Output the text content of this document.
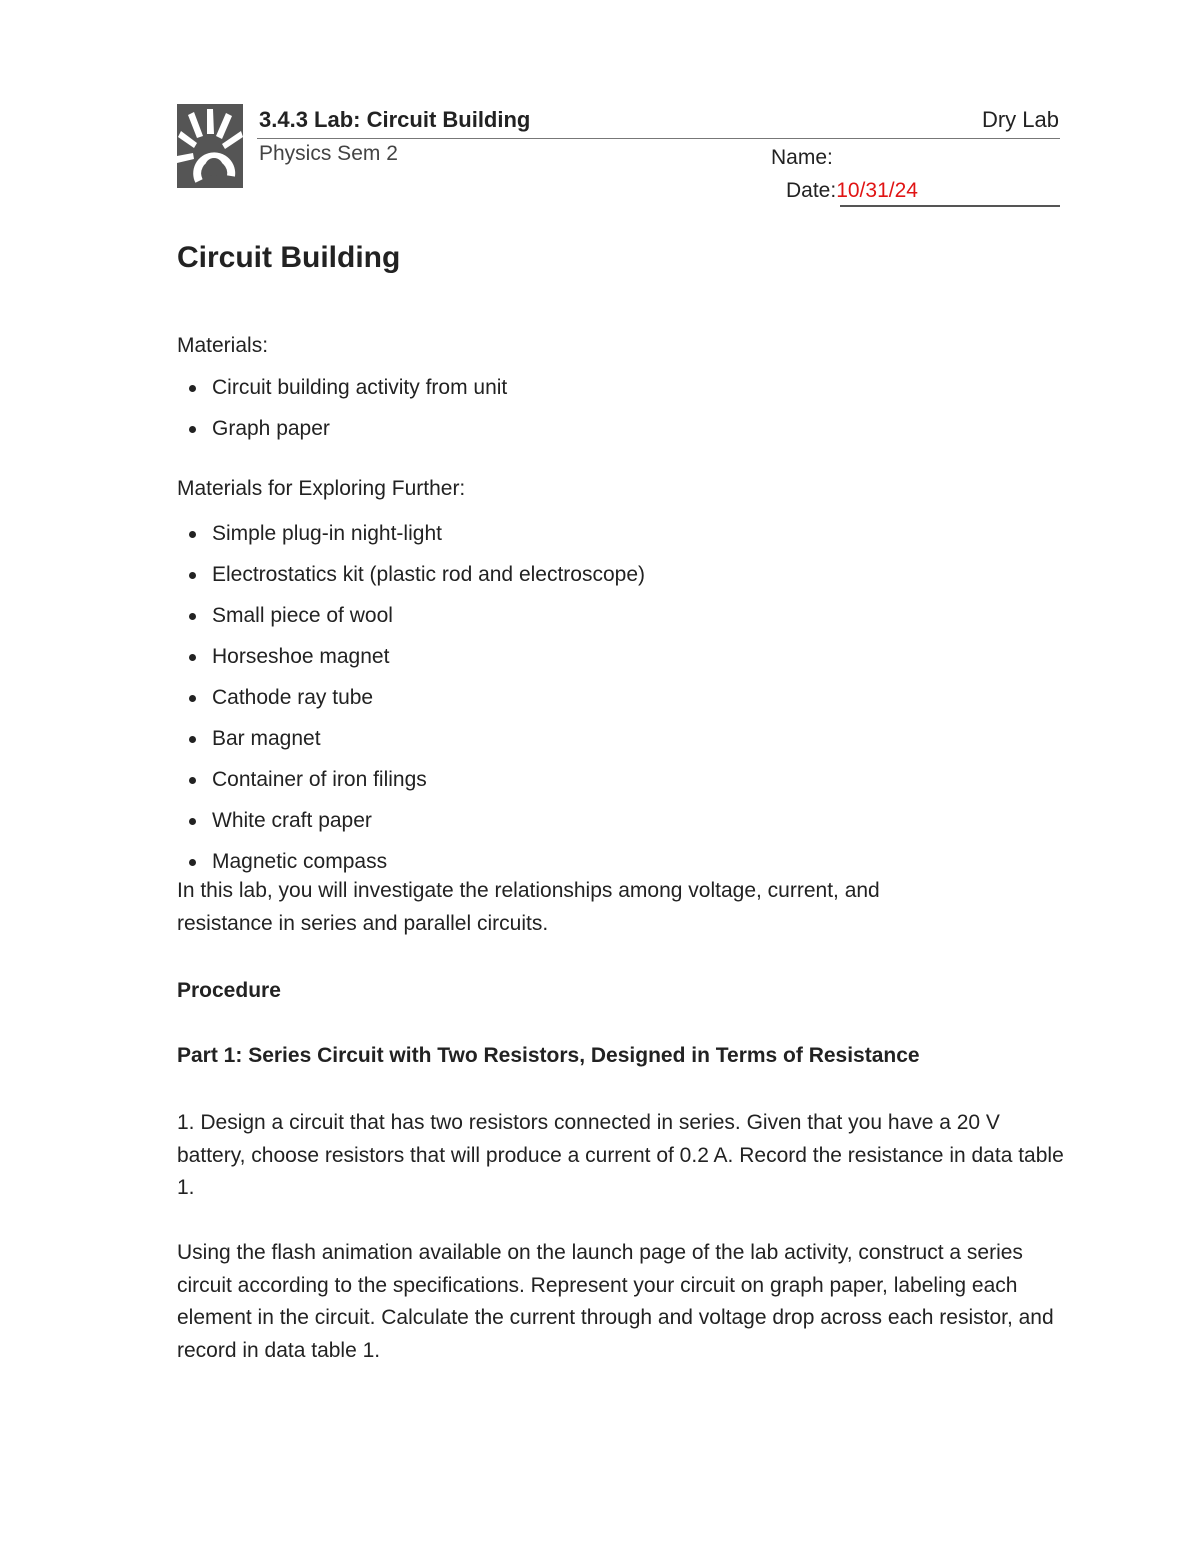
3.4.3 Lab: Circuit Building	Dry Lab
Physics Sem 2	Name:
Date:10/31/24
Circuit Building
Materials:
Circuit building activity from unit
Graph paper
Materials for Exploring Further:
Simple plug-in night-light
Electrostatics kit (plastic rod and electroscope)
Small piece of wool
Horseshoe magnet
Cathode ray tube
Bar magnet
Container of iron filings
White craft paper
Magnetic compass

In this lab, you will investigate the relationships among voltage, current, and resistance in series and parallel circuits.

Procedure

Part 1: Series Circuit with Two Resistors, Designed in Terms of Resistance

1. Design a circuit that has two resistors connected in series. Given that you have a 20 V battery, choose resistors that will produce a current of 0.2 A. Record the resistance in data table 1.

Using the flash animation available on the launch page of the lab activity, construct a series circuit according to the specifications. Represent your circuit on graph paper, labeling each element in the circuit. Calculate the current through and voltage drop across each resistor, and record in data table 1.
